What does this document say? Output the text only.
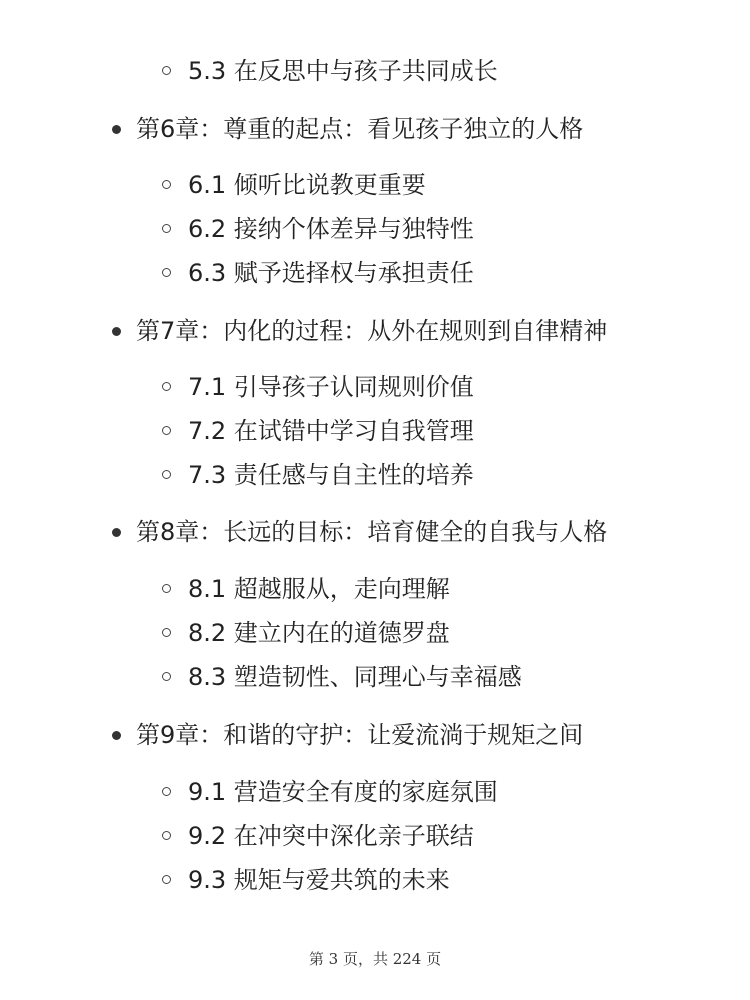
5.3 在反思中与孩子共同成长
第6章：尊重的起点：看见孩子独立的人格
6.1 倾听比说教更重要
6.2 接纳个体差异与独特性
6.3 赋予选择权与承担责任
第7章：内化的过程：从外在规则到自律精神
7.1 引导孩子认同规则价值
7.2 在试错中学习自我管理
7.3 责任感与自主性的培养
第8章：长远的目标：培育健全的自我与人格
8.1 超越服从，走向理解
8.2 建立内在的道德罗盘
8.3 塑造韧性、同理心与幸福感
第9章：和谐的守护：让爱流淌于规矩之间
9.1 营造安全有度的家庭氛围
9.2 在冲突中深化亲子联结
9.3 规矩与爱共筑的未来
第 3 页，共 224 页
